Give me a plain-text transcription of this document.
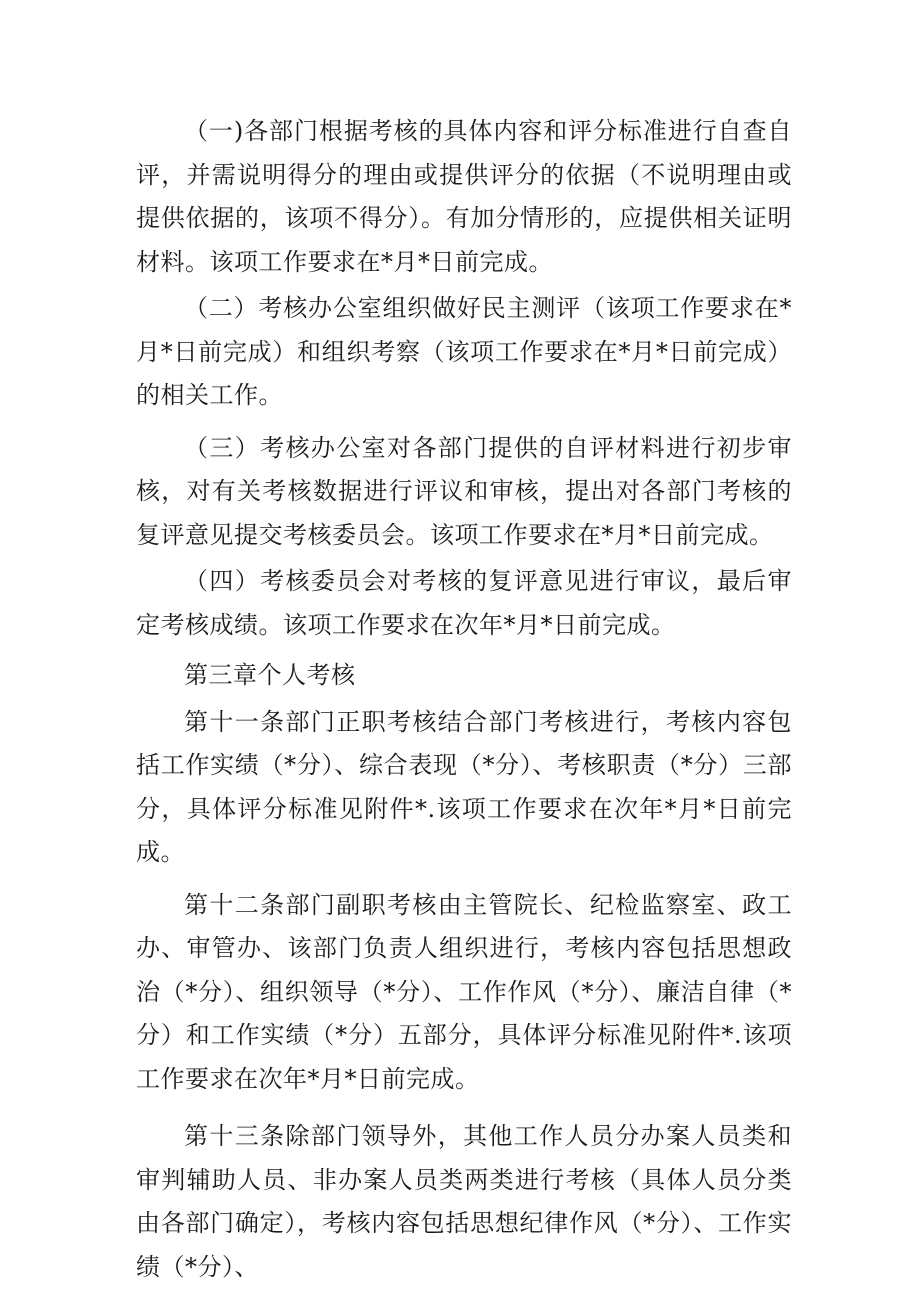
（一)各部门根据考核的具体内容和评分标准进行自查自评，并需说明得分的理由或提供评分的依据（不说明理由或提供依据的，该项不得分）。有加分情形的，应提供相关证明材料。该项工作要求在*月*日前完成。

（二）考核办公室组织做好民主测评（该项工作要求在*月*日前完成）和组织考察（该项工作要求在*月*日前完成）的相关工作。

（三）考核办公室对各部门提供的自评材料进行初步审核，对有关考核数据进行评议和审核，提出对各部门考核的复评意见提交考核委员会。该项工作要求在*月*日前完成。

（四）考核委员会对考核的复评意见进行审议，最后审定考核成绩。该项工作要求在次年*月*日前完成。

第三章个人考核

第十一条部门正职考核结合部门考核进行，考核内容包括工作实绩（*分）、综合表现（*分）、考核职责（*分）三部分，具体评分标准见附件*.该项工作要求在次年*月*日前完成。

第十二条部门副职考核由主管院长、纪检监察室、政工办、审管办、该部门负责人组织进行，考核内容包括思想政治（*分）、组织领导（*分）、工作作风（*分）、廉洁自律（*分）和工作实绩（*分）五部分，具体评分标准见附件*.该项工作要求在次年*月*日前完成。

第十三条除部门领导外，其他工作人员分办案人员类和审判辅助人员、非办案人员类两类进行考核（具体人员分类由各部门确定），考核内容包括思想纪律作风（*分）、工作实绩（*分）、
